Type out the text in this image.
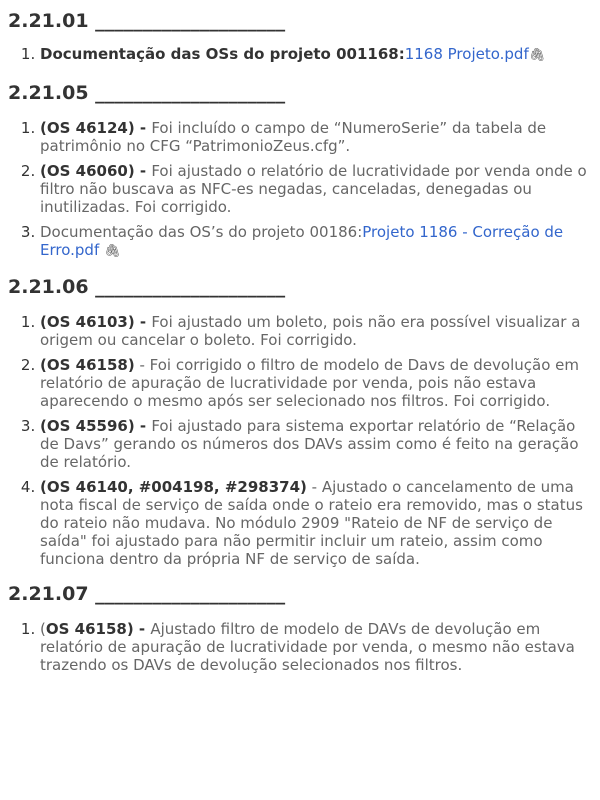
2.21.01 ____________________
1. Documentação das OSs do projeto 001168:1168 Projeto.pdf🖇
2.21.05 ____________________
1. (OS 46124) - Foi incluído o campo de “NumeroSerie” da tabela de patrimônio no CFG “PatrimonioZeus.cfg”.
2. (OS 46060) - Foi ajustado o relatório de lucratividade por venda onde o filtro não buscava as NFC-es negadas, canceladas, denegadas ou inutilizadas. Foi corrigido.
3. Documentação das OS’s do projeto 00186:Projeto 1186 - Correção de Erro.pdf 🖇
2.21.06 ____________________
1. (OS 46103) - Foi ajustado um boleto, pois não era possível visualizar a origem ou cancelar o boleto. Foi corrigido.
2. (OS 46158) - Foi corrigido o filtro de modelo de Davs de devolução em relatório de apuração de lucratividade por venda, pois não estava aparecendo o mesmo após ser selecionado nos filtros. Foi corrigido.
3. (OS 45596) - Foi ajustado para sistema exportar relatório de “Relação de Davs” gerando os números dos DAVs assim como é feito na geração de relatório.
4. (OS 46140, #004198, #298374) - Ajustado o cancelamento de uma nota fiscal de serviço de saída onde o rateio era removido, mas o status do rateio não mudava. No módulo 2909 "Rateio de NF de serviço de saída" foi ajustado para não permitir incluir um rateio, assim como funciona dentro da própria NF de serviço de saída.
2.21.07 ____________________
1. (OS 46158) - Ajustado filtro de modelo de DAVs de devolução em relatório de apuração de lucratividade por venda, o mesmo não estava trazendo os DAVs de devolução selecionados nos filtros.
